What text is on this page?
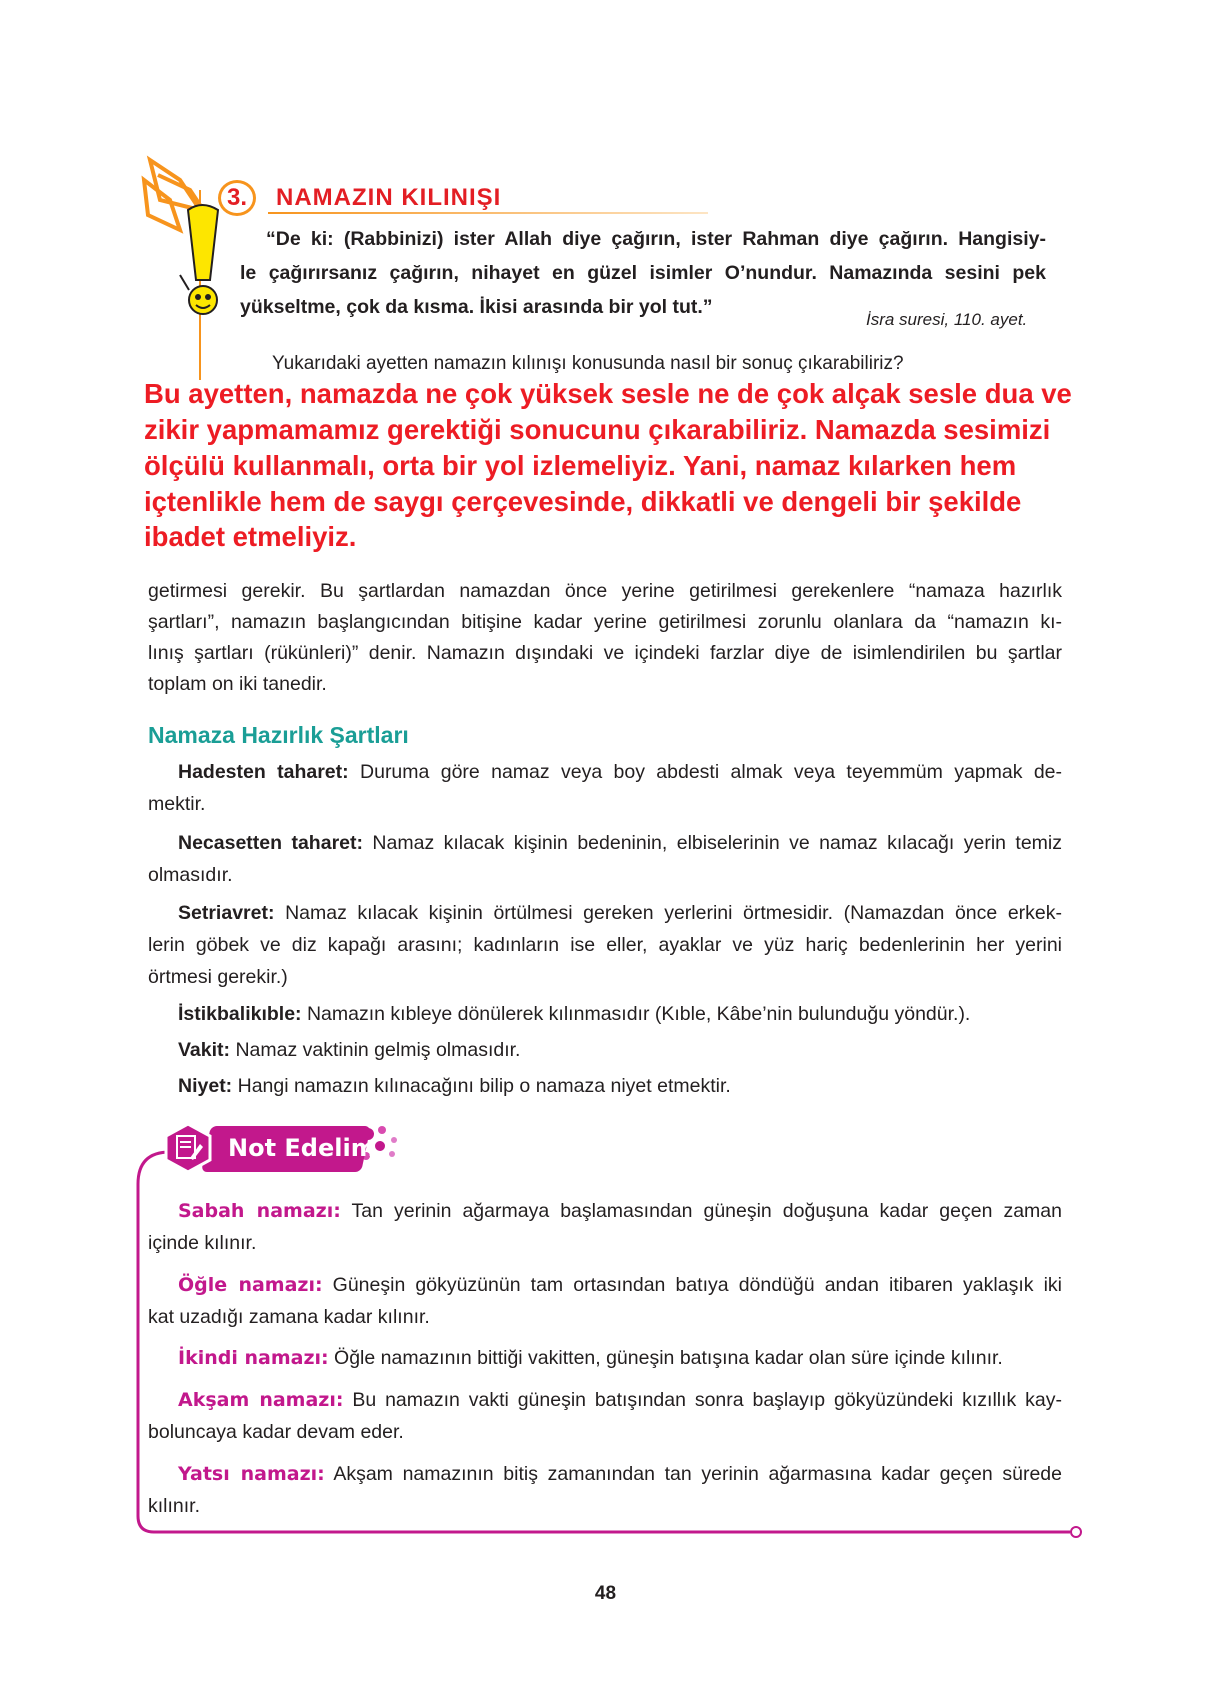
3.	NAMAZIN KILINIŞI
“De ki: (Rabbinizi) ister Allah diye çağırın, ister Rahman diye çağırın. Hangisiy-
le çağırırsanız çağırın, nihayet en güzel isimler O’nundur. Namazında sesini pek
yükseltme, çok da kısma. İkisi arasında bir yol tut.”
İsra suresi, 110. ayet.
Yukarıdaki ayetten namazın kılınışı konusunda nasıl bir sonuç çıkarabiliriz?
Bu ayetten, namazda ne çok yüksek sesle ne de çok alçak sesle dua ve
zikir yapmamamız gerektiği sonucunu çıkarabiliriz. Namazda sesimizi
ölçülü kullanmalı, orta bir yol izlemeliyiz. Yani, namaz kılarken hem
içtenlikle hem de saygı çerçevesinde, dikkatli ve dengeli bir şekilde
ibadet etmeliyiz.
getirmesi gerekir. Bu şartlardan namazdan önce yerine getirilmesi gerekenlere “namaza hazırlık
şartları”, namazın başlangıcından bitişine kadar yerine getirilmesi zorunlu olanlara da “namazın kı-
lınış şartları (rükünleri)” denir. Namazın dışındaki ve içindeki farzlar diye de isimlendirilen bu şartlar
toplam on iki tanedir.
Namaza Hazırlık Şartları
Hadesten taharet: Duruma göre namaz veya boy abdesti almak veya teyemmüm yapmak de-
mektir.
Necasetten taharet: Namaz kılacak kişinin bedeninin, elbiselerinin ve namaz kılacağı yerin temiz
olmasıdır.
Setriavret: Namaz kılacak kişinin örtülmesi gereken yerlerini örtmesidir. (Namazdan önce erkek-
lerin göbek ve diz kapağı arasını; kadınların ise eller, ayaklar ve yüz hariç bedenlerinin her yerini
örtmesi gerekir.)
İstikbalikıble: Namazın kıbleye dönülerek kılınmasıdır (Kıble, Kâbe’nin bulunduğu yöndür.).
Vakit: Namaz vaktinin gelmiş olmasıdır.
Niyet: Hangi namazın kılınacağını bilip o namaza niyet etmektir.
Not Edelim
Sabah namazı: Tan yerinin ağarmaya başlamasından güneşin doğuşuna kadar geçen zaman
içinde kılınır.
Öğle namazı: Güneşin gökyüzünün tam ortasından batıya döndüğü andan itibaren yaklaşık iki
kat uzadığı zamana kadar kılınır.
İkindi namazı: Öğle namazının bittiği vakitten, güneşin batışına kadar olan süre içinde kılınır.
Akşam namazı: Bu namazın vakti güneşin batışından sonra başlayıp gökyüzündeki kızıllık kay-
boluncaya kadar devam eder.
Yatsı namazı: Akşam namazının bitiş zamanından tan yerinin ağarmasına kadar geçen sürede
kılınır.
48
